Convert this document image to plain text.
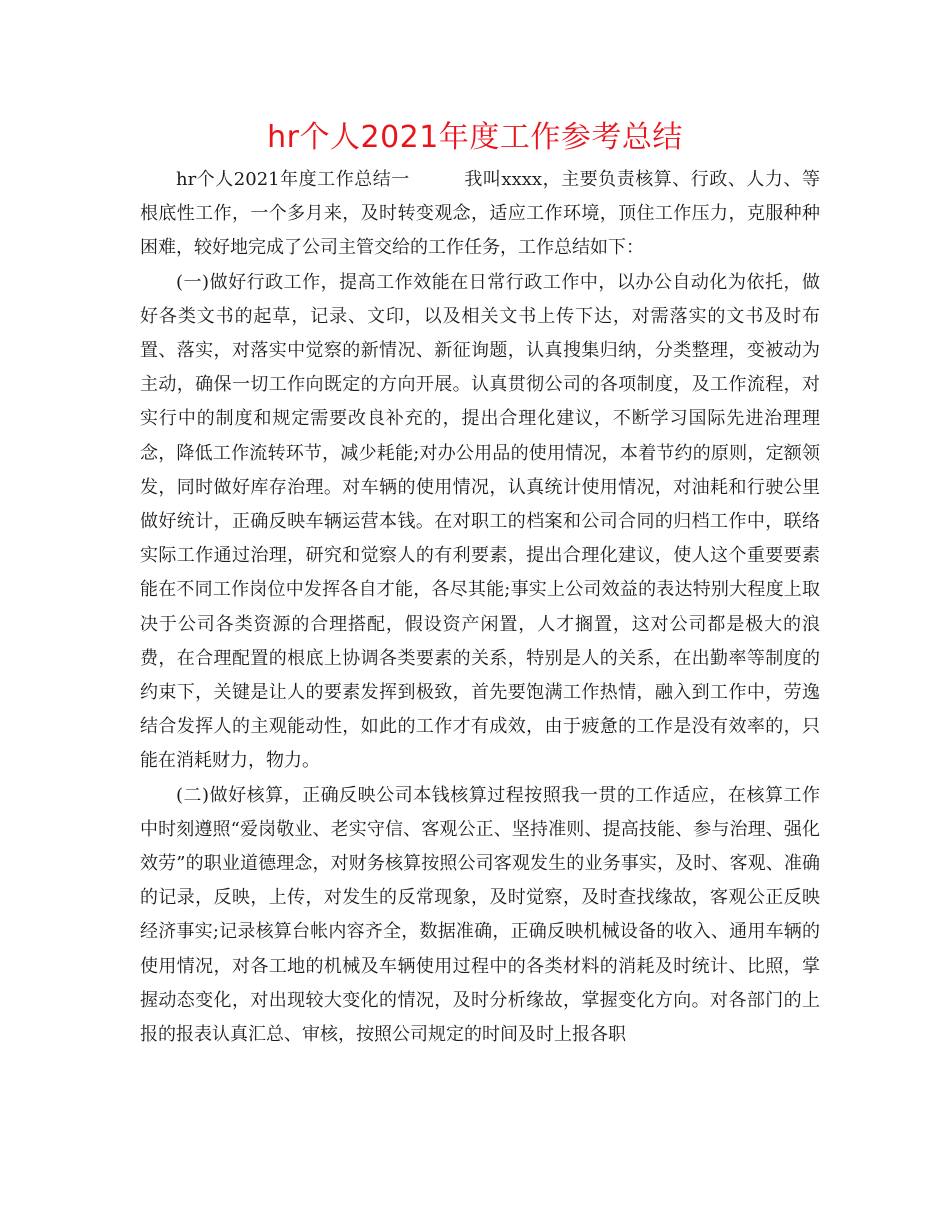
hr个人2021年度工作参考总结

hr个人2021年度工作总结一	我叫xxxx，主要负责核算、行政、人力、等根底性工作，一个多月来，及时转变观念，适应工作环境，顶住工作压力，克服种种困难，较好地完成了公司主管交给的工作任务，工作总结如下：

(一)做好行政工作，提高工作效能在日常行政工作中，以办公自动化为依托，做好各类文书的起草，记录、文印，以及相关文书上传下达，对需落实的文书及时布置、落实，对落实中觉察的新情况、新征询题，认真搜集归纳，分类整理，变被动为主动，确保一切工作向既定的方向开展。认真贯彻公司的各项制度，及工作流程，对实行中的制度和规定需要改良补充的，提出合理化建议，不断学习国际先进治理理念，降低工作流转环节，减少耗能;对办公用品的使用情况，本着节约的原则，定额领发，同时做好库存治理。对车辆的使用情况，认真统计使用情况，对油耗和行驶公里做好统计，正确反映车辆运营本钱。在对职工的档案和公司合同的归档工作中，联络实际工作通过治理，研究和觉察人的有利要素，提出合理化建议，使人这个重要要素能在不同工作岗位中发挥各自才能，各尽其能;事实上公司效益的表达特别大程度上取决于公司各类资源的合理搭配，假设资产闲置，人才搁置，这对公司都是极大的浪费，在合理配置的根底上协调各类要素的关系，特别是人的关系，在出勤率等制度的约束下，关键是让人的要素发挥到极致，首先要饱满工作热情，融入到工作中，劳逸结合发挥人的主观能动性，如此的工作才有成效，由于疲惫的工作是没有效率的，只能在消耗财力，物力。

(二)做好核算，正确反映公司本钱核算过程按照我一贯的工作适应，在核算工作中时刻遵照“爱岗敬业、老实守信、客观公正、坚持准则、提高技能、参与治理、强化效劳”的职业道德理念，对财务核算按照公司客观发生的业务事实，及时、客观、准确的记录，反映，上传，对发生的反常现象，及时觉察，及时查找缘故，客观公正反映经济事实;记录核算台帐内容齐全，数据准确，正确反映机械设备的收入、通用车辆的使用情况，对各工地的机械及车辆使用过程中的各类材料的消耗及时统计、比照，掌握动态变化，对出现较大变化的情况，及时分析缘故，掌握变化方向。对各部门的上报的报表认真汇总、审核，按照公司规定的时间及时上报各职
